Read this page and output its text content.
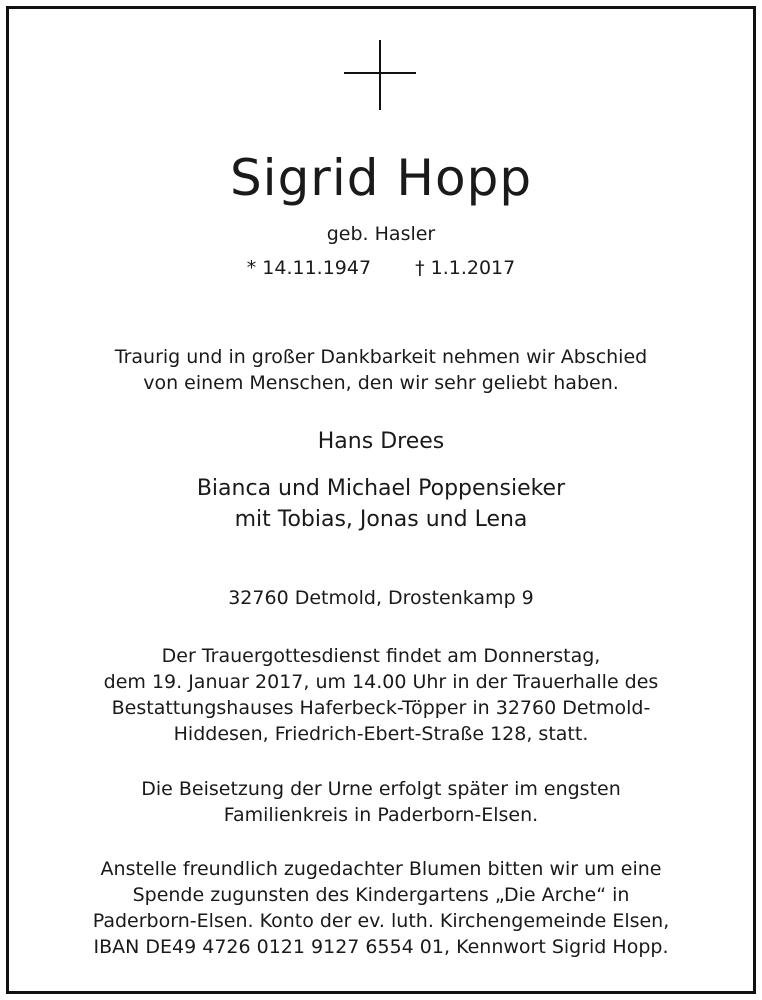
Sigrid Hopp
geb. Hasler
* 14.11.1947 † 1.1.2017
Traurig und in großer Dankbarkeit nehmen wir Abschied
von einem Menschen, den wir sehr geliebt haben.
Hans Drees
Bianca und Michael Poppensieker
mit Tobias, Jonas und Lena
32760 Detmold, Drostenkamp 9
Der Trauergottesdienst findet am Donnerstag,
dem 19. Januar 2017, um 14.00 Uhr in der Trauerhalle des
Bestattungshauses Haferbeck-Töpper in 32760 Detmold-
Hiddesen, Friedrich-Ebert-Straße 128, statt.
Die Beisetzung der Urne erfolgt später im engsten
Familienkreis in Paderborn-Elsen.
Anstelle freundlich zugedachter Blumen bitten wir um eine
Spende zugunsten des Kindergartens „Die Arche“ in
Paderborn-Elsen. Konto der ev. luth. Kirchengemeinde Elsen,
IBAN DE49 4726 0121 9127 6554 01, Kennwort Sigrid Hopp.
